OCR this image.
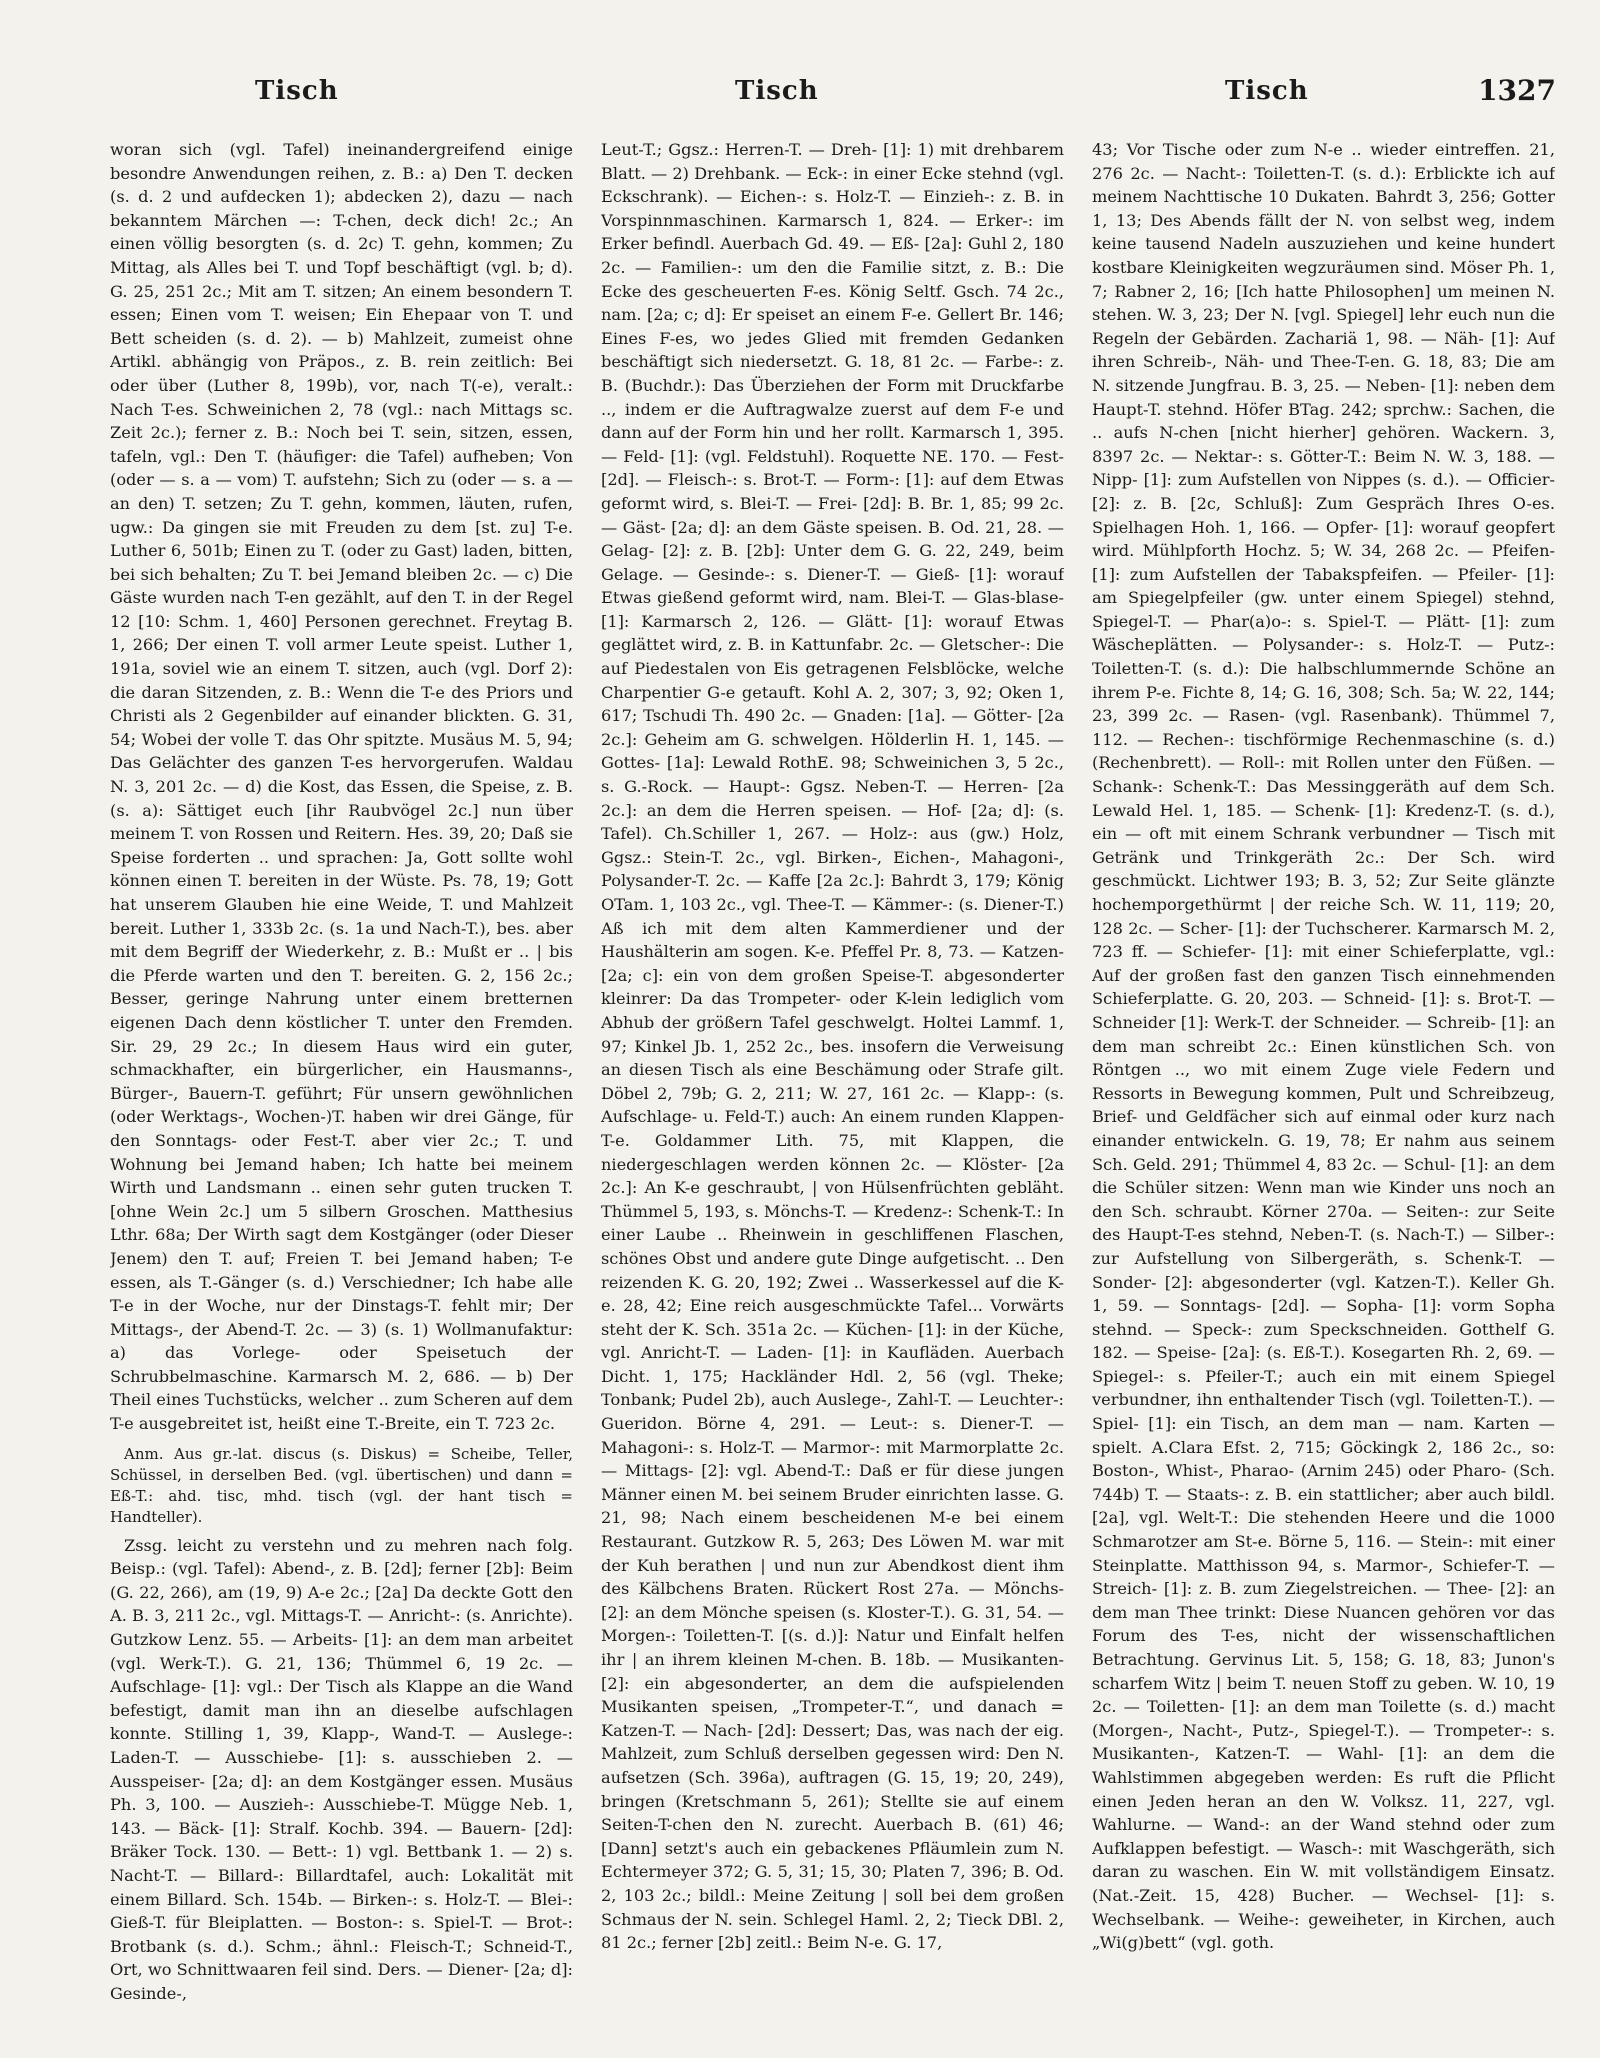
Tisch	Tisch	Tisch	1327

woran sich (vgl. Tafel) ineinandergreifend einige besondre Anwendungen reihen, z. B.: a) Den T. decken (s. d. 2 und aufdecken 1); abdecken 2), dazu — nach bekanntem Märchen —: T-chen, deck dich! 2c.; An einen völlig besorgten (s. d. 2c) T. gehn, kommen; Zu Mittag, als Alles bei T. und Topf beschäftigt (vgl. b; d). G. 25, 251 2c.; Mit am T. sitzen; An einem besondern T. essen; Einen vom T. weisen; Ein Ehepaar von T. und Bett scheiden (s. d. 2). — b) Mahlzeit, zumeist ohne Artikl. abhängig von Präpos., z. B. rein zeitlich: Bei oder über (Luther 8, 199b), vor, nach T(-e), veralt.: Nach T-es. Schweinichen 2, 78 (vgl.: nach Mittags sc. Zeit 2c.); ferner z. B.: Noch bei T. sein, sitzen, essen, tafeln, vgl.: Den T. (häufiger: die Tafel) aufheben; Von (oder — s. a — vom) T. aufstehn; Sich zu (oder — s. a — an den) T. setzen; Zu T. gehn, kommen, läuten, rufen, ugw.: Da gingen sie mit Freuden zu dem [st. zu] T-e. Luther 6, 501b; Einen zu T. (oder zu Gast) laden, bitten, bei sich behalten; Zu T. bei Jemand bleiben 2c. — c) Die Gäste wurden nach T-en gezählt, auf den T. in der Regel 12 [10: Schm. 1, 460] Personen gerechnet. Freytag B. 1, 266; Der einen T. voll armer Leute speist. Luther 1, 191a, soviel wie an einem T. sitzen, auch (vgl. Dorf 2): die daran Sitzenden, z. B.: Wenn die T-e des Priors und Christi als 2 Gegenbilder auf einander blickten. G. 31, 54; Wobei der volle T. das Ohr spitzte. Musäus M. 5, 94; Das Gelächter des ganzen T-es hervorgerufen. Waldau N. 3, 201 2c. — d) die Kost, das Essen, die Speise, z. B. (s. a): Sättiget euch [ihr Raubvögel 2c.] nun über meinem T. von Rossen und Reitern. Hes. 39, 20; Daß sie Speise forderten .. und sprachen: Ja, Gott sollte wohl können einen T. bereiten in der Wüste. Ps. 78, 19; Gott hat unserem Glauben hie eine Weide, T. und Mahlzeit bereit. Luther 1, 333b 2c. (s. 1a und Nach-T.), bes. aber mit dem Begriff der Wiederkehr, z. B.: Mußt er .. | bis die Pferde warten und den T. bereiten. G. 2, 156 2c.; Besser, geringe Nahrung unter einem bretternen eigenen Dach denn köstlicher T. unter den Fremden. Sir. 29, 29 2c.; In diesem Haus wird ein guter, schmackhafter, ein bürgerlicher, ein Hausmanns-, Bürger-, Bauern-T. geführt; Für unsern gewöhnlichen (oder Werktags-, Wochen-)T. haben wir drei Gänge, für den Sonntags- oder Fest-T. aber vier 2c.; T. und Wohnung bei Jemand haben; Ich hatte bei meinem Wirth und Landsmann .. einen sehr guten trucken T. [ohne Wein 2c.] um 5 silbern Groschen. Matthesius Lthr. 68a; Der Wirth sagt dem Kostgänger (oder Dieser Jenem) den T. auf; Freien T. bei Jemand haben; T-e essen, als T.-Gänger (s. d.) Verschiedner; Ich habe alle T-e in der Woche, nur der Dinstags-T. fehlt mir; Der Mittags-, der Abend-T. 2c. — 3) (s. 1) Wollmanufaktur: a) das Vorlege- oder Speisetuch der Schrubbelmaschine. Karmarsch M. 2, 686. — b) Der Theil eines Tuchstücks, welcher .. zum Scheren auf dem T-e ausgebreitet ist, heißt eine T.-Breite, ein T. 723 2c.

Anm. Aus gr.-lat. discus (s. Diskus) = Scheibe, Teller, Schüssel, in derselben Bed. (vgl. übertischen) und dann = Eß-T.: ahd. tisc, mhd. tisch (vgl. der hant tisch = Handteller).

Zssg. leicht zu verstehn und zu mehren nach folg. Beisp.: (vgl. Tafel): Abend-, z. B. [2d]; ferner [2b]: Beim (G. 22, 266), am (19, 9) A-e 2c.; [2a] Da deckte Gott den A. B. 3, 211 2c., vgl. Mittags-T. — Anricht-: (s. Anrichte). Gutzkow Lenz. 55. — Arbeits- [1]: an dem man arbeitet (vgl. Werk-T.). G. 21, 136; Thümmel 6, 19 2c. — Aufschlage- [1]: vgl.: Der Tisch als Klappe an die Wand befestigt, damit man ihn an dieselbe aufschlagen konnte. Stilling 1, 39, Klapp-, Wand-T. — Auslege-: Laden-T. — Ausschiebe- [1]: s. ausschieben 2. — Ausspeiser- [2a; d]: an dem Kostgänger essen. Musäus Ph. 3, 100. — Auszieh-: Ausschiebe-T. Mügge Neb. 1, 143. — Bäck- [1]: Stralf. Kochb. 394. — Bauern- [2d]: Bräker Tock. 130. — Bett-: 1) vgl. Bettbank 1. — 2) s. Nacht-T. — Billard-: Billardtafel, auch: Lokalität mit einem Billard. Sch. 154b. — Birken-: s. Holz-T. — Blei-: Gieß-T. für Bleiplatten. — Boston-: s. Spiel-T. — Brot-: Brotbank (s. d.). Schm.; ähnl.: Fleisch-T.; Schneid-T., Ort, wo Schnittwaaren feil sind. Ders. — Diener- [2a; d]: Gesinde-,

Leut-T.; Ggsz.: Herren-T. — Dreh- [1]: 1) mit drehbarem Blatt. — 2) Drehbank. — Eck-: in einer Ecke stehnd (vgl. Eckschrank). — Eichen-: s. Holz-T. — Einzieh-: z. B. in Vorspinnmaschinen. Karmarsch 1, 824. — Erker-: im Erker befindl. Auerbach Gd. 49. — Eß- [2a]: Guhl 2, 180 2c. — Familien-: um den die Familie sitzt, z. B.: Die Ecke des gescheuerten F-es. König Seltf. Gsch. 74 2c., nam. [2a; c; d]: Er speiset an einem F-e. Gellert Br. 146; Eines F-es, wo jedes Glied mit fremden Gedanken beschäftigt sich niedersetzt. G. 18, 81 2c. — Farbe-: z. B. (Buchdr.): Das Überziehen der Form mit Druckfarbe .., indem er die Auftragwalze zuerst auf dem F-e und dann auf der Form hin und her rollt. Karmarsch 1, 395. — Feld- [1]: (vgl. Feldstuhl). Roquette NE. 170. — Fest- [2d]. — Fleisch-: s. Brot-T. — Form-: [1]: auf dem Etwas geformt wird, s. Blei-T. — Frei- [2d]: B. Br. 1, 85; 99 2c. — Gäst- [2a; d]: an dem Gäste speisen. B. Od. 21, 28. — Gelag- [2]: z. B. [2b]: Unter dem G. G. 22, 249, beim Gelage. — Gesinde-: s. Diener-T. — Gieß- [1]: worauf Etwas gießend geformt wird, nam. Blei-T. — Glas-blase- [1]: Karmarsch 2, 126. — Glätt- [1]: worauf Etwas geglättet wird, z. B. in Kattunfabr. 2c. — Gletscher-: Die auf Piedestalen von Eis getragenen Felsblöcke, welche Charpentier G-e getauft. Kohl A. 2, 307; 3, 92; Oken 1, 617; Tschudi Th. 490 2c. — Gnaden: [1a]. — Götter- [2a 2c.]: Geheim am G. schwelgen. Hölderlin H. 1, 145. — Gottes- [1a]: Lewald RothE. 98; Schweinichen 3, 5 2c., s. G.-Rock. — Haupt-: Ggsz. Neben-T. — Herren- [2a 2c.]: an dem die Herren speisen. — Hof- [2a; d]: (s. Tafel). Ch.Schiller 1, 267. — Holz-: aus (gw.) Holz, Ggsz.: Stein-T. 2c., vgl. Birken-, Eichen-, Mahagoni-, Polysander-T. 2c. — Kaffe [2a 2c.]: Bahrdt 3, 179; König OTam. 1, 103 2c., vgl. Thee-T. — Kämmer-: (s. Diener-T.) Aß ich mit dem alten Kammerdiener und der Haushälterin am sogen. K-e. Pfeffel Pr. 8, 73. — Katzen- [2a; c]: ein von dem großen Speise-T. abgesonderter kleinrer: Da das Trompeter- oder K-lein lediglich vom Abhub der größern Tafel geschwelgt. Holtei Lammf. 1, 97; Kinkel Jb. 1, 252 2c., bes. insofern die Verweisung an diesen Tisch als eine Beschämung oder Strafe gilt. Döbel 2, 79b; G. 2, 211; W. 27, 161 2c. — Klapp-: (s. Aufschlage- u. Feld-T.) auch: An einem runden Klappen-T-e. Goldammer Lith. 75, mit Klappen, die niedergeschlagen werden können 2c. — Klöster- [2a 2c.]: An K-e geschraubt, | von Hülsenfrüchten gebläht. Thümmel 5, 193, s. Mönchs-T. — Kredenz-: Schenk-T.: In einer Laube .. Rheinwein in geschliffenen Flaschen, schönes Obst und andere gute Dinge aufgetischt. .. Den reizenden K. G. 20, 192; Zwei .. Wasserkessel auf die K-e. 28, 42; Eine reich ausgeschmückte Tafel... Vorwärts steht der K. Sch. 351a 2c. — Küchen- [1]: in der Küche, vgl. Anricht-T. — Laden- [1]: in Kaufläden. Auerbach Dicht. 1, 175; Hackländer Hdl. 2, 56 (vgl. Theke; Tonbank; Pudel 2b), auch Auslege-, Zahl-T. — Leuchter-: Gueridon. Börne 4, 291. — Leut-: s. Diener-T. — Mahagoni-: s. Holz-T. — Marmor-: mit Marmorplatte 2c. — Mittags- [2]: vgl. Abend-T.: Daß er für diese jungen Männer einen M. bei seinem Bruder einrichten lasse. G. 21, 98; Nach einem bescheidenen M-e bei einem Restaurant. Gutzkow R. 5, 263; Des Löwen M. war mit der Kuh berathen | und nun zur Abendkost dient ihm des Kälbchens Braten. Rückert Rost 27a. — Mönchs- [2]: an dem Mönche speisen (s. Kloster-T.). G. 31, 54. — Morgen-: Toiletten-T. [(s. d.)]: Natur und Einfalt helfen ihr | an ihrem kleinen M-chen. B. 18b. — Musikanten- [2]: ein abgesonderter, an dem die aufspielenden Musikanten speisen, „Trompeter-T.“, und danach = Katzen-T. — Nach- [2d]: Dessert; Das, was nach der eig. Mahlzeit, zum Schluß derselben gegessen wird: Den N. aufsetzen (Sch. 396a), auftragen (G. 15, 19; 20, 249), bringen (Kretschmann 5, 261); Stellte sie auf einem Seiten-T-chen den N. zurecht. Auerbach B. (61) 46; [Dann] setzt's auch ein gebackenes Pfläumlein zum N. Echtermeyer 372; G. 5, 31; 15, 30; Platen 7, 396; B. Od. 2, 103 2c.; bildl.: Meine Zeitung | soll bei dem großen Schmaus der N. sein. Schlegel Haml. 2, 2; Tieck DBl. 2, 81 2c.; ferner [2b] zeitl.: Beim N-e. G. 17,

43; Vor Tische oder zum N-e .. wieder eintreffen. 21, 276 2c. — Nacht-: Toiletten-T. (s. d.): Erblickte ich auf meinem Nachttische 10 Dukaten. Bahrdt 3, 256; Gotter 1, 13; Des Abends fällt der N. von selbst weg, indem keine tausend Nadeln auszuziehen und keine hundert kostbare Kleinigkeiten wegzuräumen sind. Möser Ph. 1, 7; Rabner 2, 16; [Ich hatte Philosophen] um meinen N. stehen. W. 3, 23; Der N. [vgl. Spiegel] lehr euch nun die Regeln der Gebärden. Zachariä 1, 98. — Näh- [1]: Auf ihren Schreib-, Näh- und Thee-T-en. G. 18, 83; Die am N. sitzende Jungfrau. B. 3, 25. — Neben- [1]: neben dem Haupt-T. stehnd. Höfer BTag. 242; sprchw.: Sachen, die .. aufs N-chen [nicht hierher] gehören. Wackern. 3, 8397 2c. — Nektar-: s. Götter-T.: Beim N. W. 3, 188. — Nipp- [1]: zum Aufstellen von Nippes (s. d.). — Officier- [2]: z. B. [2c, Schluß]: Zum Gespräch Ihres O-es. Spielhagen Hoh. 1, 166. — Opfer- [1]: worauf geopfert wird. Mühlpforth Hochz. 5; W. 34, 268 2c. — Pfeifen- [1]: zum Aufstellen der Tabakspfeifen. — Pfeiler- [1]: am Spiegelpfeiler (gw. unter einem Spiegel) stehnd, Spiegel-T. — Phar(a)o-: s. Spiel-T. — Plätt- [1]: zum Wäscheplätten. — Polysander-: s. Holz-T. — Putz-: Toiletten-T. (s. d.): Die halbschlummernde Schöne an ihrem P-e. Fichte 8, 14; G. 16, 308; Sch. 5a; W. 22, 144; 23, 399 2c. — Rasen- (vgl. Rasenbank). Thümmel 7, 112. — Rechen-: tischförmige Rechenmaschine (s. d.) (Rechenbrett). — Roll-: mit Rollen unter den Füßen. — Schank-: Schenk-T.: Das Messinggeräth auf dem Sch. Lewald Hel. 1, 185. — Schenk- [1]: Kredenz-T. (s. d.), ein — oft mit einem Schrank verbundner — Tisch mit Getränk und Trinkgeräth 2c.: Der Sch. wird geschmückt. Lichtwer 193; B. 3, 52; Zur Seite glänzte hochemporgethürmt | der reiche Sch. W. 11, 119; 20, 128 2c. — Scher- [1]: der Tuchscherer. Karmarsch M. 2, 723 ff. — Schiefer- [1]: mit einer Schieferplatte, vgl.: Auf der großen fast den ganzen Tisch einnehmenden Schieferplatte. G. 20, 203. — Schneid- [1]: s. Brot-T. — Schneider [1]: Werk-T. der Schneider. — Schreib- [1]: an dem man schreibt 2c.: Einen künstlichen Sch. von Röntgen .., wo mit einem Zuge viele Federn und Ressorts in Bewegung kommen, Pult und Schreibzeug, Brief- und Geldfächer sich auf einmal oder kurz nach einander entwickeln. G. 19, 78; Er nahm aus seinem Sch. Geld. 291; Thümmel 4, 83 2c. — Schul- [1]: an dem die Schüler sitzen: Wenn man wie Kinder uns noch an den Sch. schraubt. Körner 270a. — Seiten-: zur Seite des Haupt-T-es stehnd, Neben-T. (s. Nach-T.) — Silber-: zur Aufstellung von Silbergeräth, s. Schenk-T. — Sonder- [2]: abgesonderter (vgl. Katzen-T.). Keller Gh. 1, 59. — Sonntags- [2d]. — Sopha- [1]: vorm Sopha stehnd. — Speck-: zum Speckschneiden. Gotthelf G. 182. — Speise- [2a]: (s. Eß-T.). Kosegarten Rh. 2, 69. — Spiegel-: s. Pfeiler-T.; auch ein mit einem Spiegel verbundner, ihn enthaltender Tisch (vgl. Toiletten-T.). — Spiel- [1]: ein Tisch, an dem man — nam. Karten — spielt. A.Clara Efst. 2, 715; Göckingk 2, 186 2c., so: Boston-, Whist-, Pharao- (Arnim 245) oder Pharo- (Sch. 744b) T. — Staats-: z. B. ein stattlicher; aber auch bildl. [2a], vgl. Welt-T.: Die stehenden Heere und die 1000 Schmarotzer am St-e. Börne 5, 116. — Stein-: mit einer Steinplatte. Matthisson 94, s. Marmor-, Schiefer-T. — Streich- [1]: z. B. zum Ziegelstreichen. — Thee- [2]: an dem man Thee trinkt: Diese Nuancen gehören vor das Forum des T-es, nicht der wissenschaftlichen Betrachtung. Gervinus Lit. 5, 158; G. 18, 83; Junon's scharfem Witz | beim T. neuen Stoff zu geben. W. 10, 19 2c. — Toiletten- [1]: an dem man Toilette (s. d.) macht (Morgen-, Nacht-, Putz-, Spiegel-T.). — Trompeter-: s. Musikanten-, Katzen-T. — Wahl- [1]: an dem die Wahlstimmen abgegeben werden: Es ruft die Pflicht einen Jeden heran an den W. Volksz. 11, 227, vgl. Wahlurne. — Wand-: an der Wand stehnd oder zum Aufklappen befestigt. — Wasch-: mit Waschgeräth, sich daran zu waschen. Ein W. mit vollständigem Einsatz. (Nat.-Zeit. 15, 428) Bucher. — Wechsel- [1]: s. Wechselbank. — Weihe-: geweiheter, in Kirchen, auch „Wi(g)bett“ (vgl. goth.
